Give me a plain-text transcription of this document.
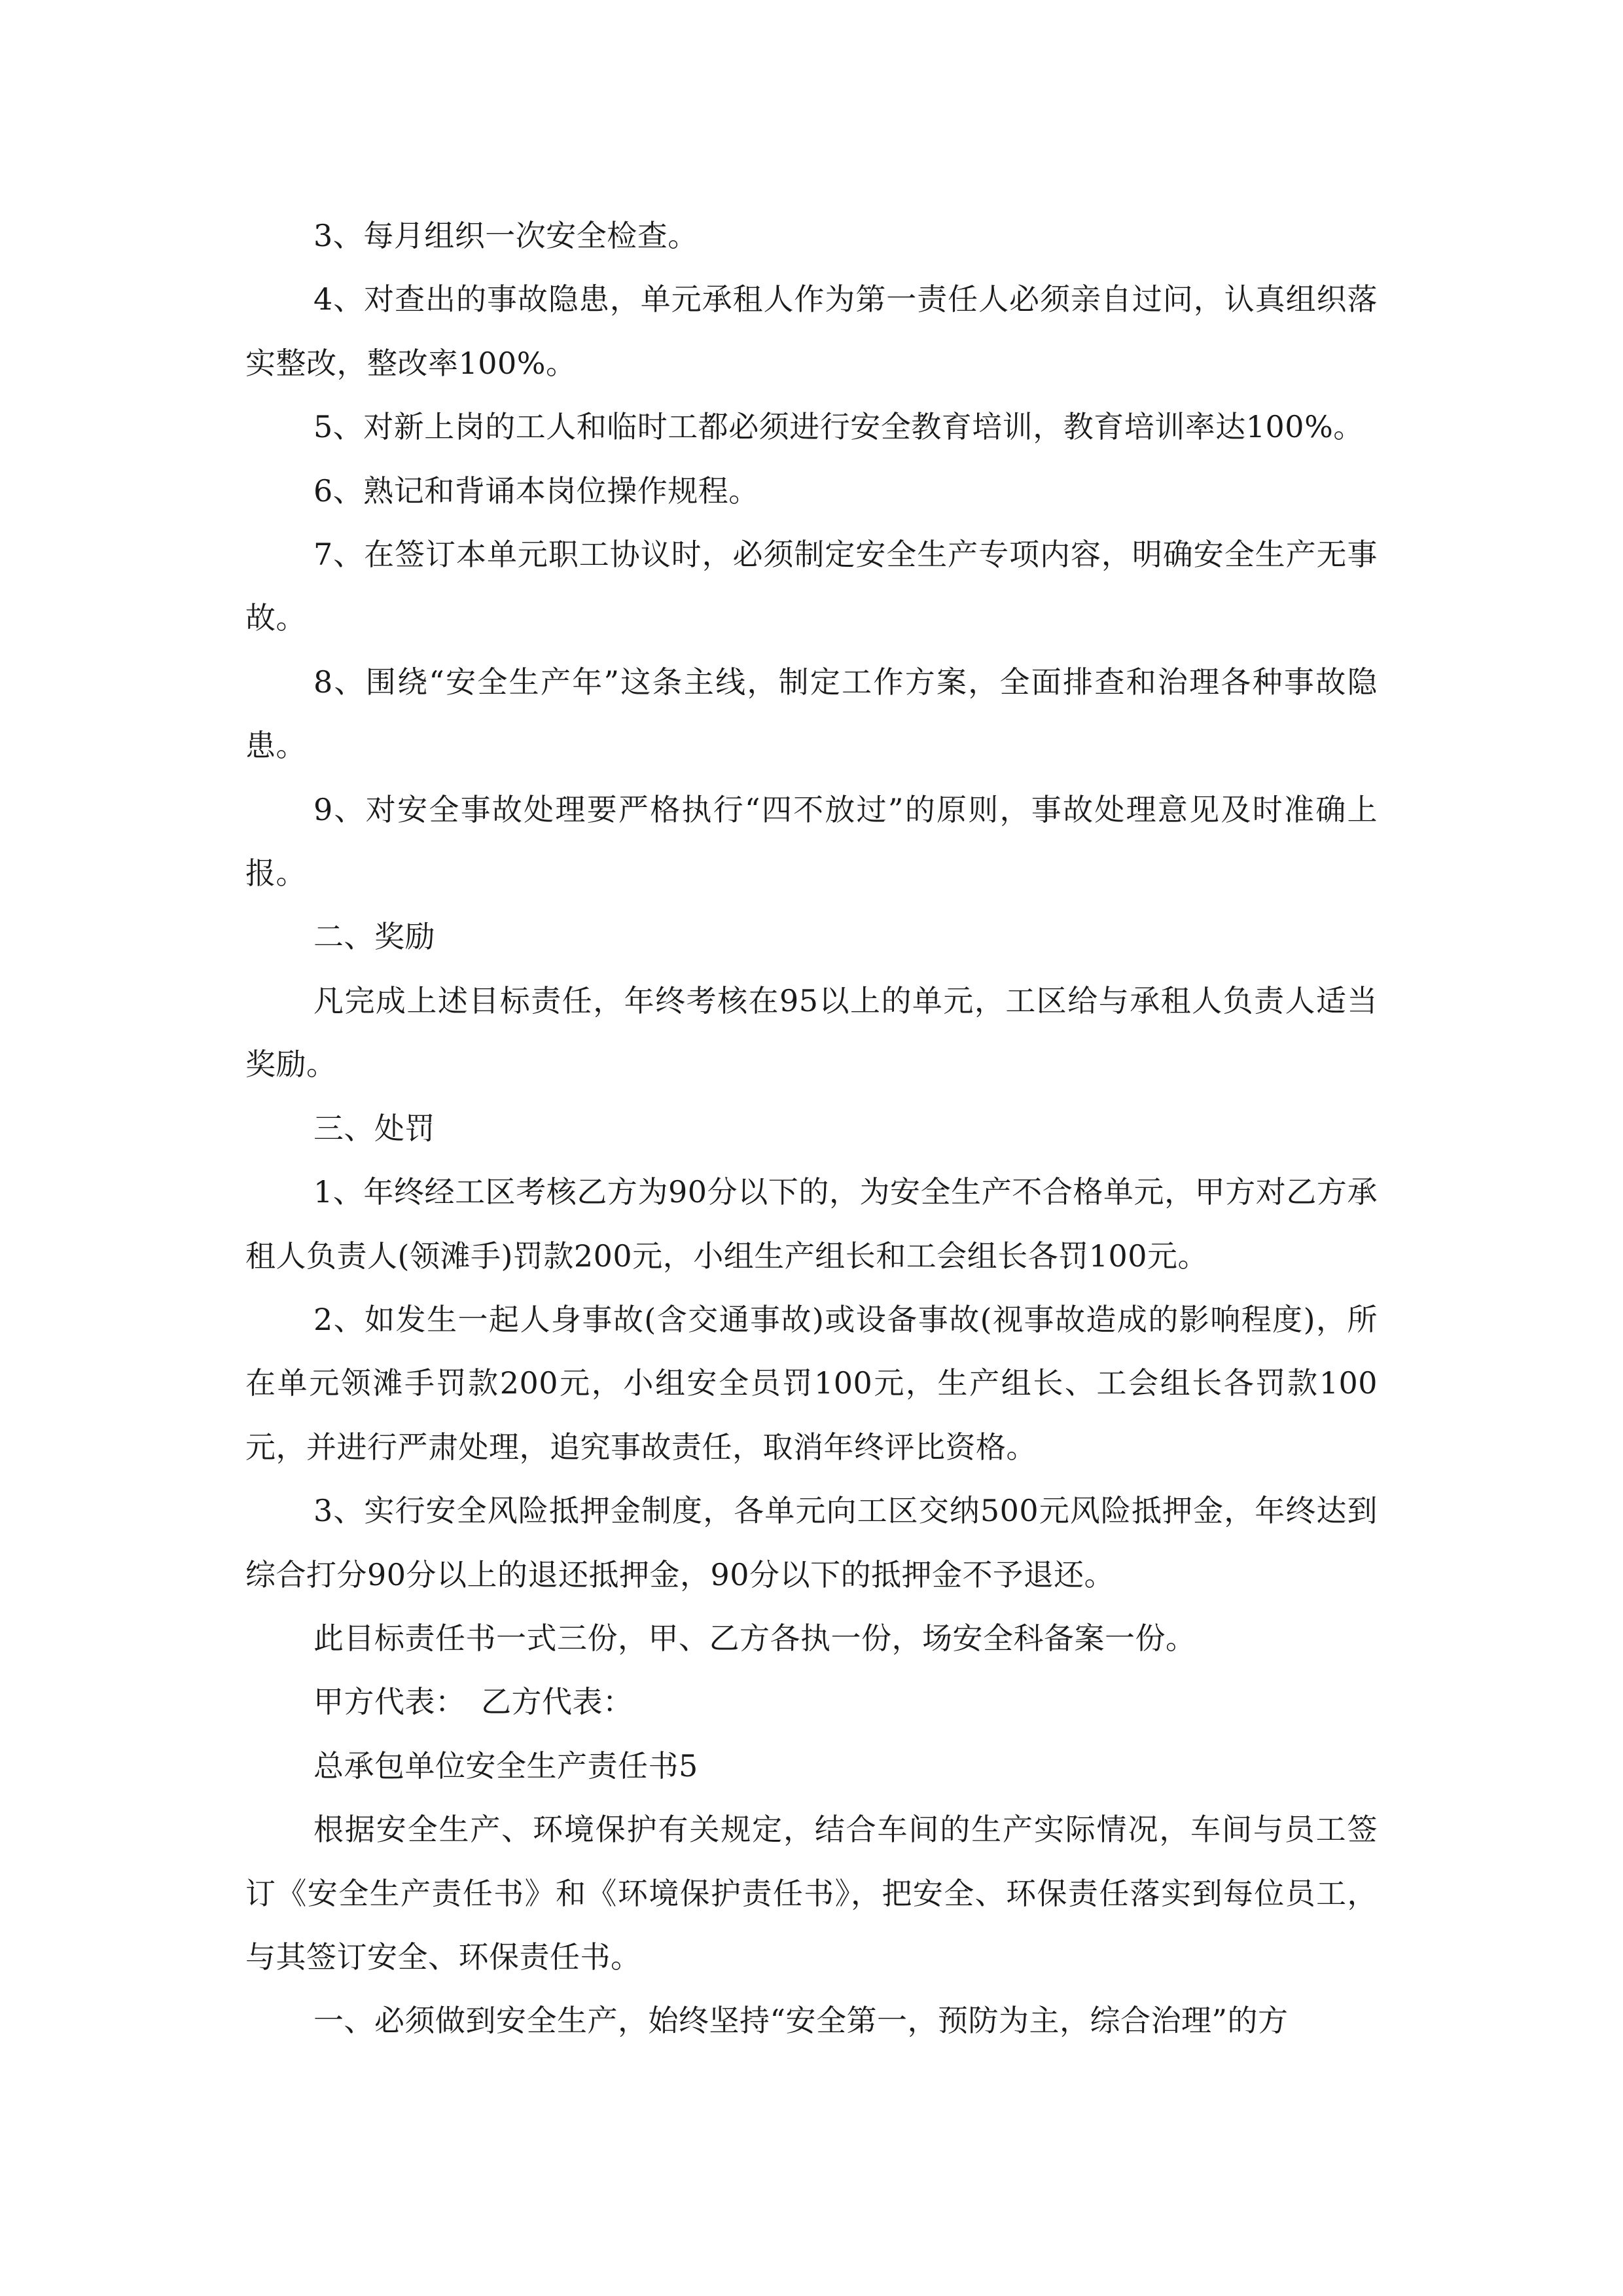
3、每月组织一次安全检查。

4、对查出的事故隐患，单元承租人作为第一责任人必须亲自过问，认真组织落实整改，整改率100%。

5、对新上岗的工人和临时工都必须进行安全教育培训，教育培训率达100%。

6、熟记和背诵本岗位操作规程。

7、在签订本单元职工协议时，必须制定安全生产专项内容，明确安全生产无事故。

8、围绕“安全生产年”这条主线，制定工作方案，全面排查和治理各种事故隐患。

9、对安全事故处理要严格执行“四不放过”的原则，事故处理意见及时准确上报。

二、奖励

凡完成上述目标责任，年终考核在95以上的单元，工区给与承租人负责人适当奖励。

三、处罚

1、年终经工区考核乙方为90分以下的，为安全生产不合格单元，甲方对乙方承租人负责人(领滩手)罚款200元，小组生产组长和工会组长各罚100元。

2、如发生一起人身事故(含交通事故)或设备事故(视事故造成的影响程度)，所在单元领滩手罚款200元，小组安全员罚100元，生产组长、工会组长各罚款100元，并进行严肃处理，追究事故责任，取消年终评比资格。

3、实行安全风险抵押金制度，各单元向工区交纳500元风险抵押金，年终达到综合打分90分以上的退还抵押金，90分以下的抵押金不予退还。

此目标责任书一式三份，甲、乙方各执一份，场安全科备案一份。

甲方代表：　乙方代表：

总承包单位安全生产责任书5

根据安全生产、环境保护有关规定，结合车间的生产实际情况，车间与员工签订《安全生产责任书》和《环境保护责任书》，把安全、环保责任落实到每位员工，与其签订安全、环保责任书。

一、必须做到安全生产，始终坚持“安全第一，预防为主，综合治理”的方
